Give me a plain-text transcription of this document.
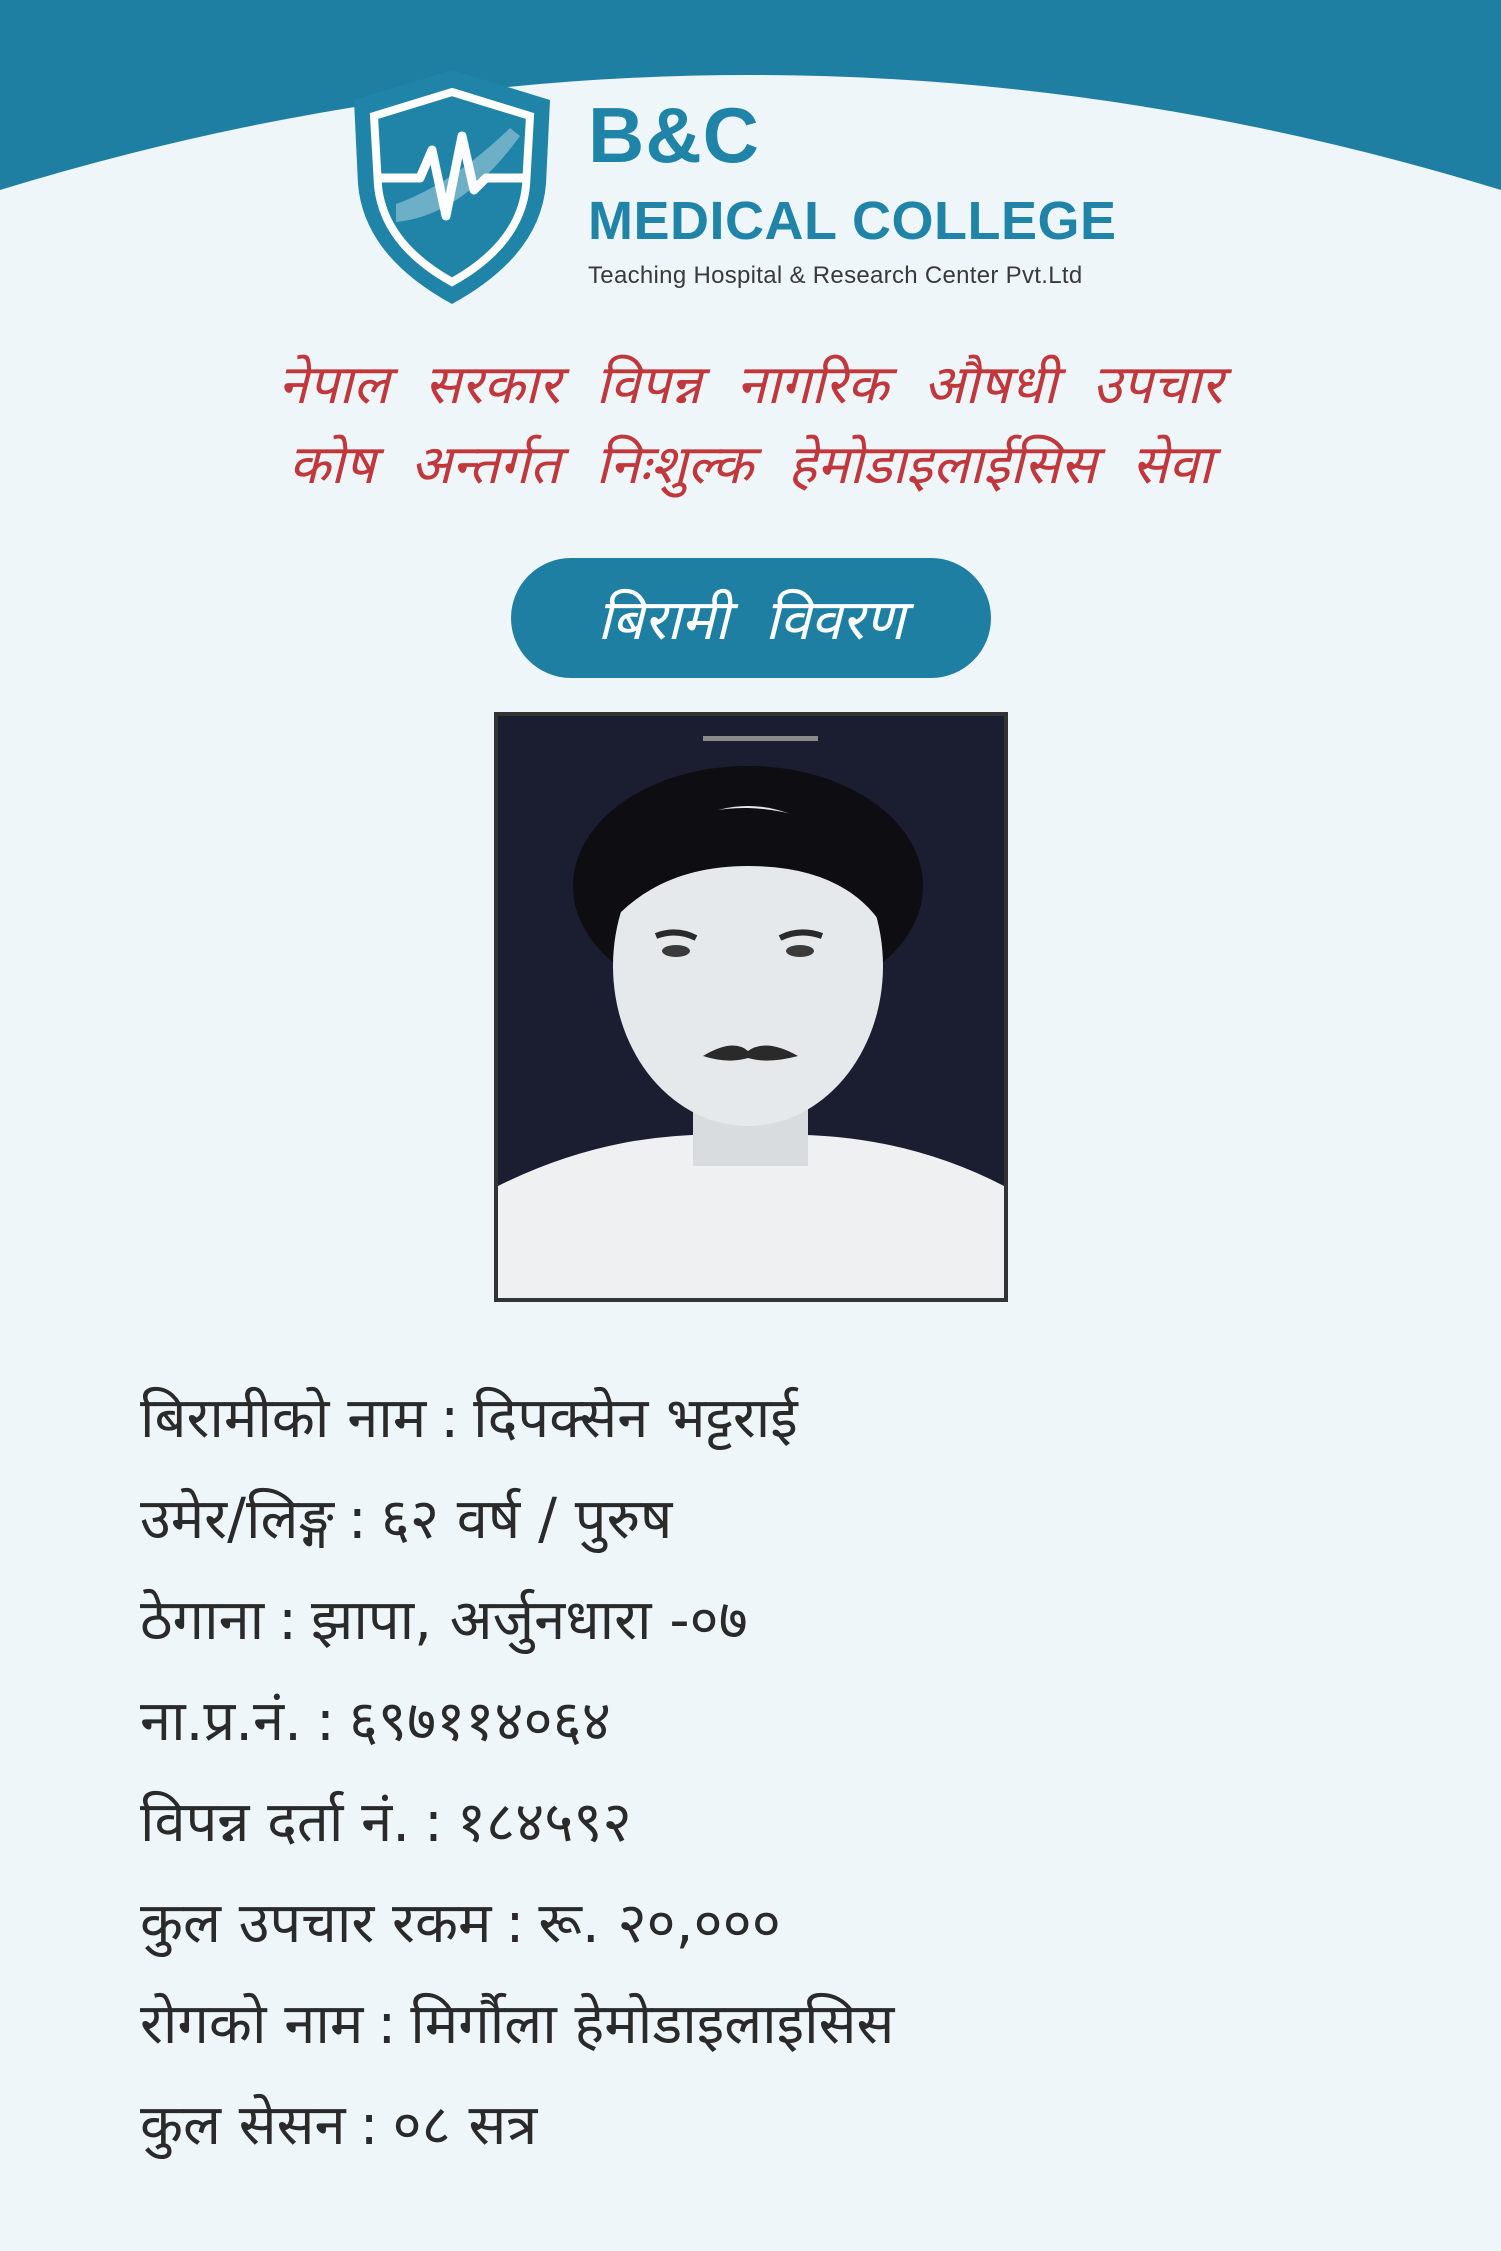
B&C
MEDICAL COLLEGE
Teaching Hospital & Research Center Pvt.Ltd
नेपाल सरकार विपन्न नागरिक औषधी उपचार
कोष अन्तर्गत निःशुल्क हेमोडाइलाईसिस सेवा
बिरामी विवरण
बिरामीको नाम : दिपक्सेन भट्टराई
उमेर/लिङ्ग : ६२ वर्ष / पुरुष
ठेगाना : झापा, अर्जुनधारा -०७
ना.प्र.नं. : ६९७११४०६४
विपन्न दर्ता नं. : १८४५९२
कुल उपचार रकम : रू. २०,०००
रोगको नाम : मिर्गौला हेमोडाइलाइसिस
कुल सेसन : ०८ सत्र
